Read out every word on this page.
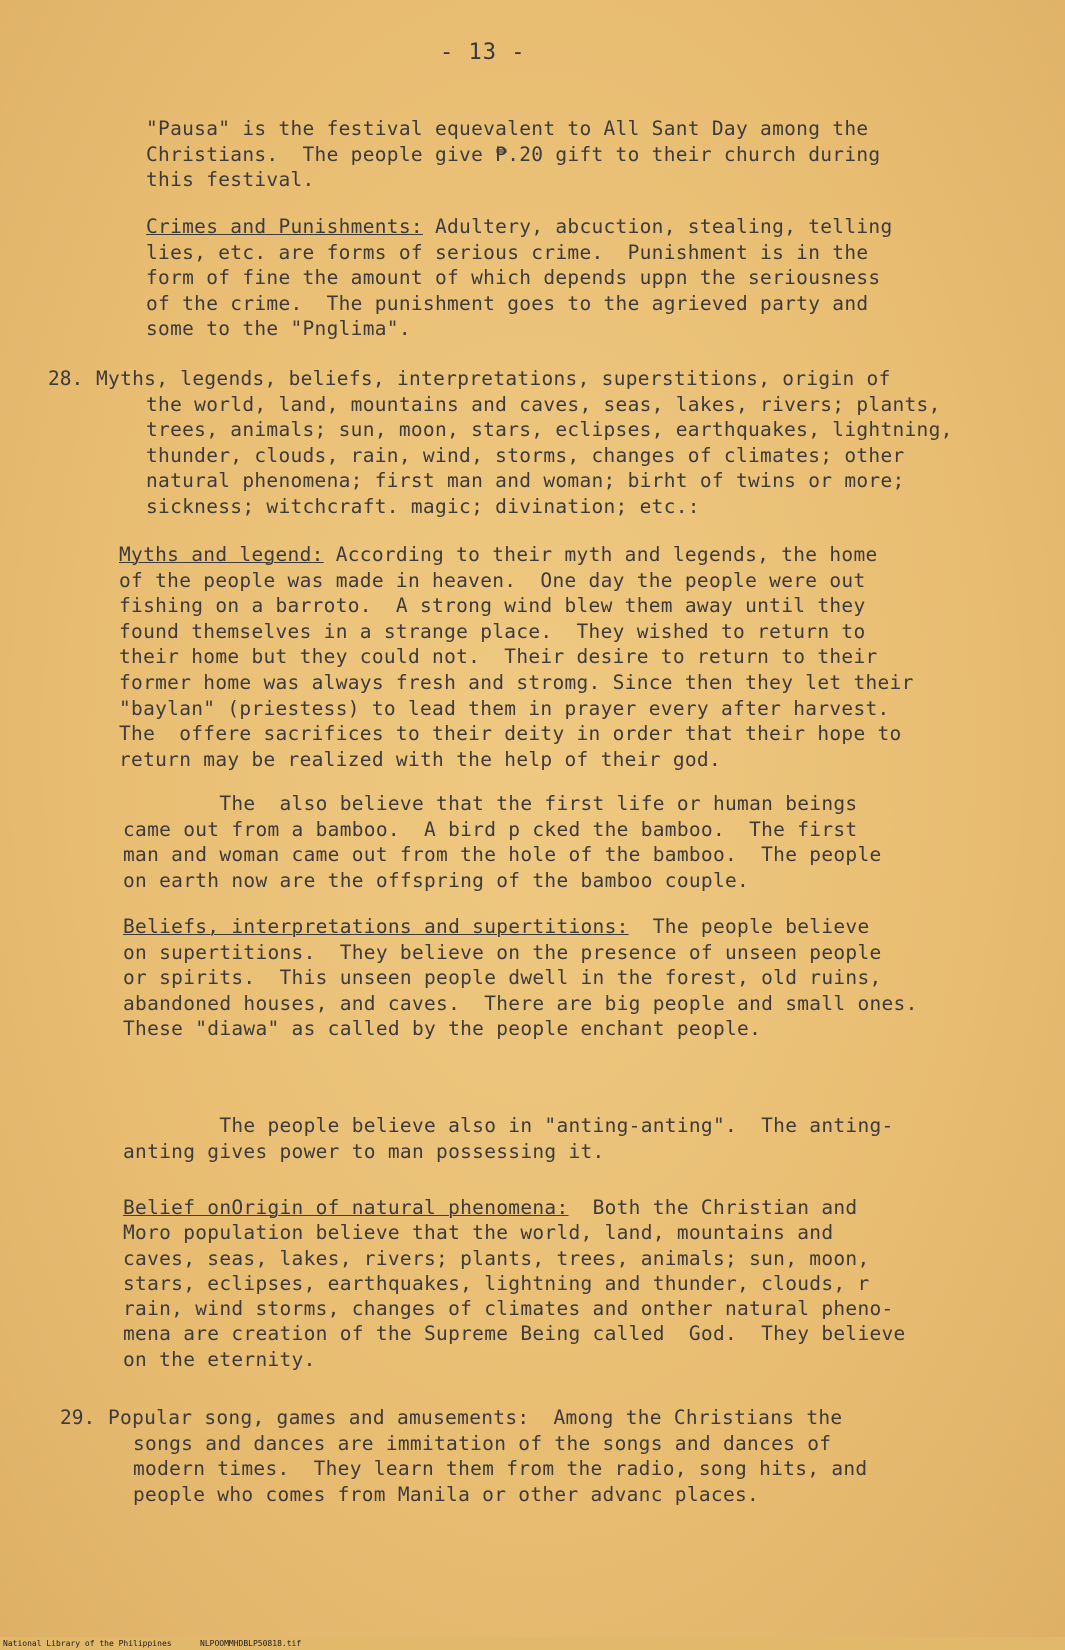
- 13 -
"Pausa" is the festival equevalent to All Sant Day among the
Christians.  The people give ₱.20 gift to their church during
this festival.
Crimes and Punishments: Adultery, abcuction, stealing, telling
lies, etc. are forms of serious crime.  Punishment is in the
form of fine the amount of which depends uppn the seriousness
of the crime.  The punishment goes to the agrieved party and
some to the "Pnglima".
28. Myths, legends, beliefs, interpretations, superstitions, origin of
the world, land, mountains and caves, seas, lakes, rivers; plants,
trees, animals; sun, moon, stars, eclipses, earthquakes, lightning,
thunder, clouds, rain, wind, storms, changes of climates; other
natural phenomena; first man and woman; birht of twins or more;
sickness; witchcraft. magic; divination; etc.:
Myths and legend: According to their myth and legends, the home
of the people was made in heaven.  One day the people were out
fishing on a barroto.  A strong wind blew them away until they
found themselves in a strange place.  They wished to return to
their home but they could not.  Their desire to return to their
former home was always fresh and stromg. Since then they let their
"baylan" (priestess) to lead them in prayer every after harvest.
The  offere sacrifices to their deity in order that their hope to
return may be realized with the help of their god.
The  also believe that the first life or human beings
came out from a bamboo.  A bird p cked the bamboo.  The first
man and woman came out from the hole of the bamboo.  The people
on earth now are the offspring of the bamboo couple.
Beliefs, interpretations and supertitions:  The people believe
on supertitions.  They believe on the presence of unseen people
or spirits.  This unseen people dwell in the forest, old ruins,
abandoned houses, and caves.  There are big people and small ones.
These "diawa" as called by the people enchant people.
The people believe also in "anting-anting".  The anting-
anting gives power to man possessing it.
Belief onOrigin of natural phenomena:  Both the Christian and
Moro population believe that the world, land, mountains and
caves, seas, lakes, rivers; plants, trees, animals; sun, moon,
stars, eclipses, earthquakes, lightning and thunder, clouds, r
rain, wind storms, changes of climates and onther natural pheno-
mena are creation of the Supreme Being called  God.  They believe
on the eternity.
29. Popular song, games and amusements:  Among the Christians the
songs and dances are immitation of the songs and dances of
modern times.  They learn them from the radio, song hits, and
people who comes from Manila or other advanc places.
National Library of the Philippines	NLPOOMMHDBLP50818.tif
